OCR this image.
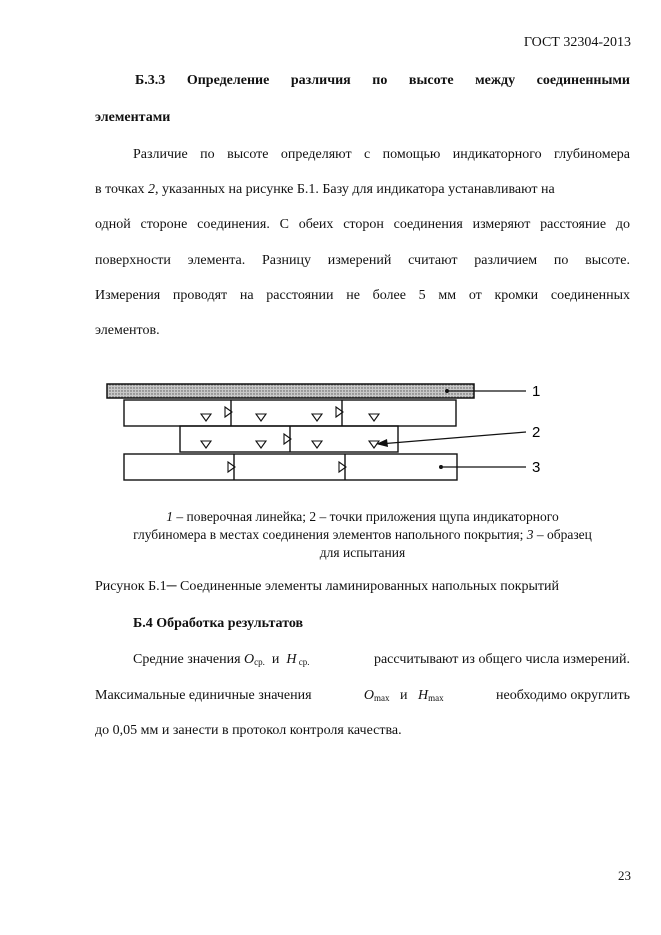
ГОСТ 32304-2013
Б.3.3 Определение различия по высоте между соединенными
элементами
Различие по высоте определяют с помощью индикаторного глубиномера
в точках 2, указанных на рисунке Б.1. Базу для индикатора устанавливают на
одной стороне соединения. С обеих сторон соединения измеряют расстояние до
поверхности элемента. Разницу измерений считают различием по высоте.
Измерения проводят на расстоянии не более 5 мм от кромки соединенных
элементов.
1
3
2
1 – поверочная линейка; 2 – точки приложения щупа индикаторного
глубиномера в местах соединения элементов напольного покрытия; 3 – образец
для испытания
Рисунок Б.1─ Соединенные элементы ламинированных напольных покрытий
Б.4 Обработка результатов
Средние значения $O_{ср.}$  и  H $_{ср.}$	рассчитывают из общего числа измерений.
Максимальные единичные значения	$O_{max}$   и   $H_{max}$	необходимо округлить
до 0,05 мм и занести в протокол контроля качества.
23
